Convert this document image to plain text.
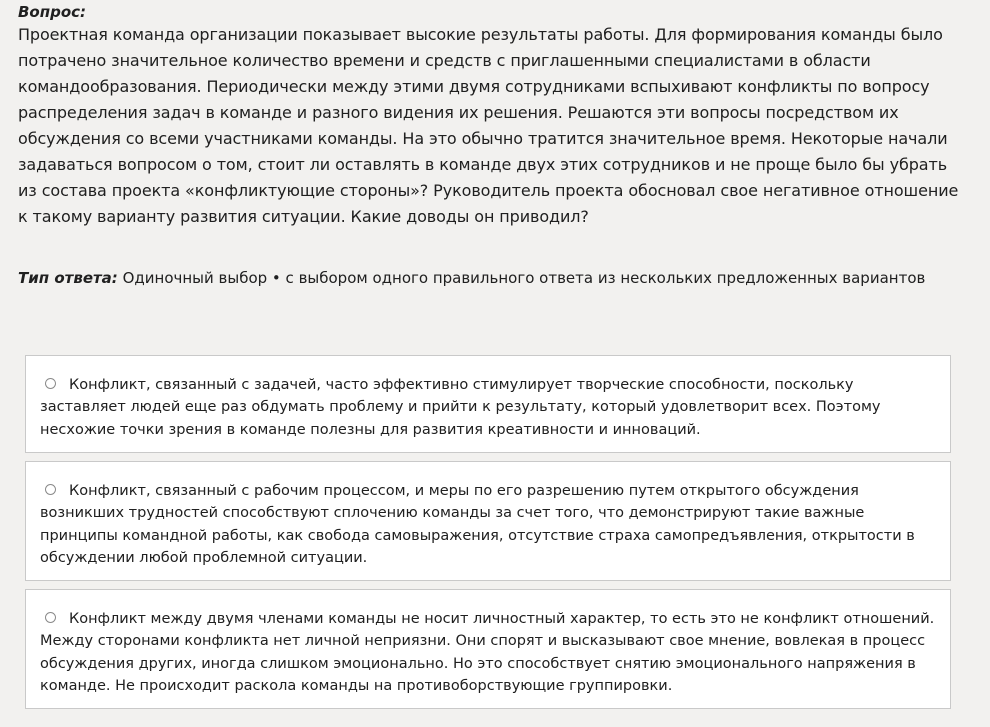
Вопрос:

Проектная команда организации показывает высокие результаты работы. Для формирования команды было потрачено значительное количество времени и средств с приглашенными специалистами в области командообразования. Периодически между этими двумя сотрудниками вспыхивают конфликты по вопросу распределения задач в команде и разного видения их решения. Решаются эти вопросы посредством их обсуждения со всеми участниками команды. На это обычно тратится значительное время. Некоторые начали задаваться вопросом о том, стоит ли оставлять в команде двух этих сотрудников и не проще было бы убрать из состава проекта «конфликтующие стороны»? Руководитель проекта обосновал свое негативное отношение к такому варианту развития ситуации. Какие доводы он приводил?

Тип ответа: Одиночный выбор • с выбором одного правильного ответа из нескольких предложенных вариантов
Конфликт, связанный с задачей, часто эффективно стимулирует творческие способности, поскольку заставляет людей еще раз обдумать проблему и прийти к результату, который удовлетворит всех. Поэтому несхожие точки зрения в команде полезны для развития креативности и инноваций.
Конфликт, связанный с рабочим процессом, и меры по его разрешению путем открытого обсуждения возникших трудностей способствуют сплочению команды за счет того, что демонстрируют такие важные принципы командной работы, как свобода самовыражения, отсутствие страха самопредъявления, открытости в обсуждении любой проблемной ситуации.
Конфликт между двумя членами команды не носит личностный характер, то есть это не конфликт отношений. Между сторонами конфликта нет личной неприязни. Они спорят и высказывают свое мнение, вовлекая в процесс обсуждения других, иногда слишком эмоционально. Но это способствует снятию эмоционального напряжения в команде. Не происходит раскола команды на противоборствующие группировки.
